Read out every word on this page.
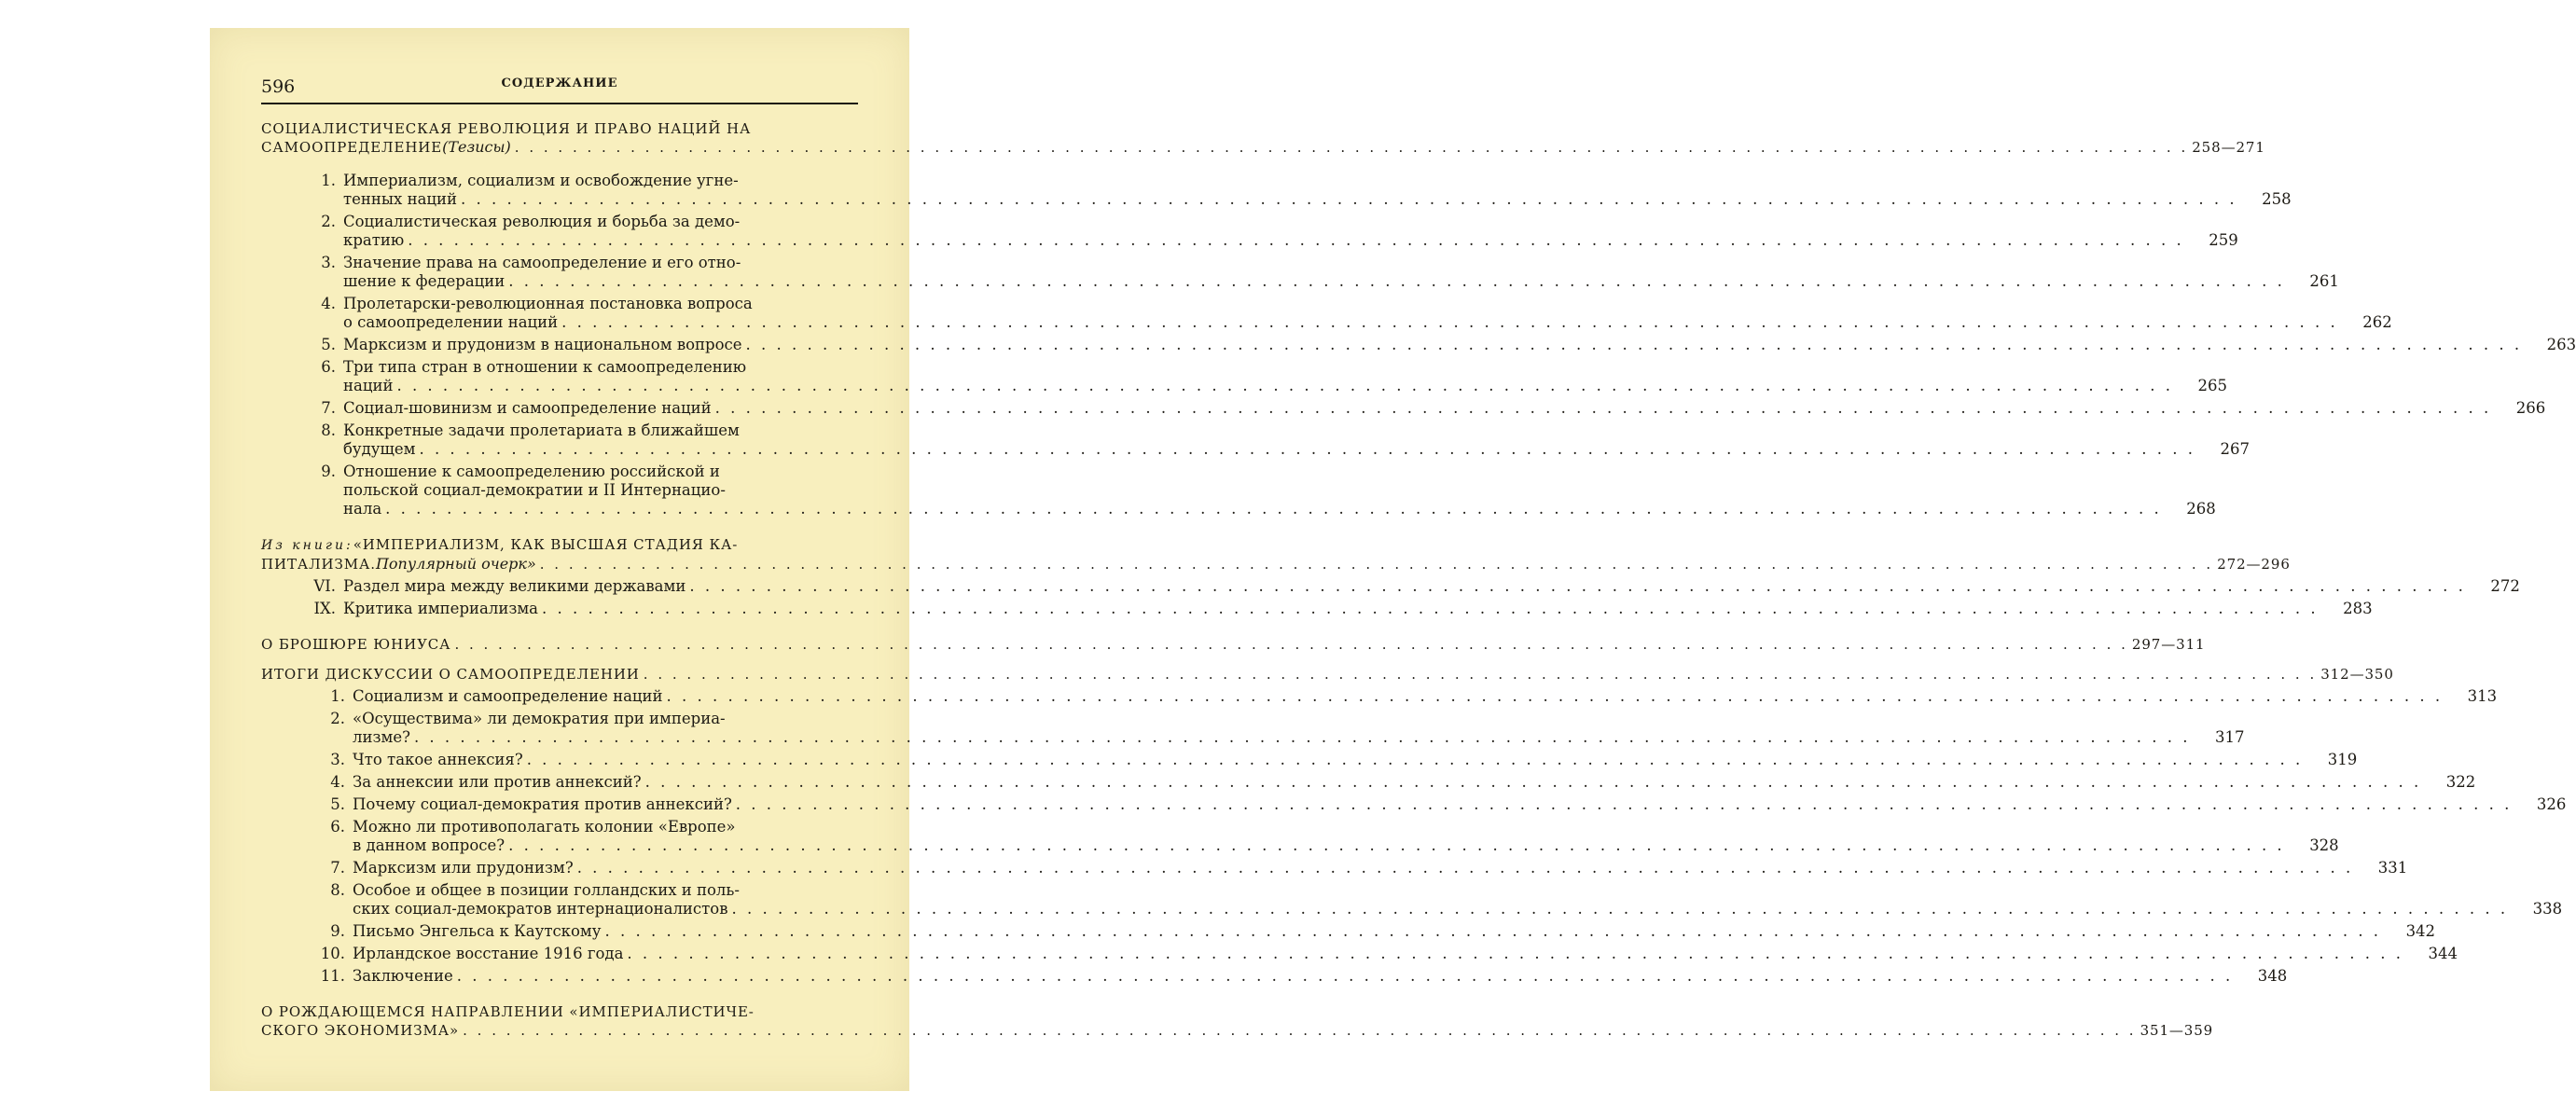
596	СОДЕРЖАНИЕ
СОЦИАЛИСТИЧЕСКАЯ РЕВОЛЮЦИЯ И ПРАВО НАЦИЙ НА
САМООПРЕДЕЛЕНИЕ (Тезисы) . . .	258—271
1. Империализм, социализм и освобождение угне-
тенных наций . . .	258
2. Социалистическая революция и борьба за демо-
кратию . . .	259
3. Значение права на самоопределение и его отно-
шение к федерации . . .	261
4. Пролетарски-революционная постановка вопроса
о самоопределении наций . . .	262
5. Марксизм и прудонизм в национальном вопросе . . .	263
6. Три типа стран в отношении к самоопределению
наций . . .	265
7. Социал-шовинизм и самоопределение наций . . .	266
8. Конкретные задачи пролетариата в ближайшем
будущем . . .	267
9. Отношение к самоопределению российской и
польской социал-демократии и II Интернацио-
нала . . .	268
Из книги: «ИМПЕРИАЛИЗМ, КАК ВЫСШАЯ СТАДИЯ КА-
ПИТАЛИЗМА. Популярный очерк» . . .	272—296
VI. Раздел мира между великими державами . . .	272
IX. Критика империализма . . .	283
О БРОШЮРЕ ЮНИУСА . . .	297—311
ИТОГИ ДИСКУССИИ О САМООПРЕДЕЛЕНИИ . . .	312—350
1. Социализм и самоопределение наций . . .	313
2. «Осуществима» ли демократия при империа-
лизме? . . .	317
3. Что такое аннексия? . . .	319
4. За аннексии или против аннексий? . . .	322
5. Почему социал-демократия против аннексий? . . .	326
6. Можно ли противополагать колонии «Европе»
в данном вопросе? . . .	328
7. Марксизм или прудонизм? . . .	331
8. Особое и общее в позиции голландских и поль-
ских социал-демократов интернационалистов . . .	338
9. Письмо Энгельса к Каутскому . . .	342
10. Ирландское восстание 1916 года . . .	344
11. Заключение . . .	348
О РОЖДАЮЩЕМСЯ НАПРАВЛЕНИИ «ИМПЕРИАЛИСТИЧЕ-
СКОГО ЭКОНОМИЗМА» . . .	351—359
